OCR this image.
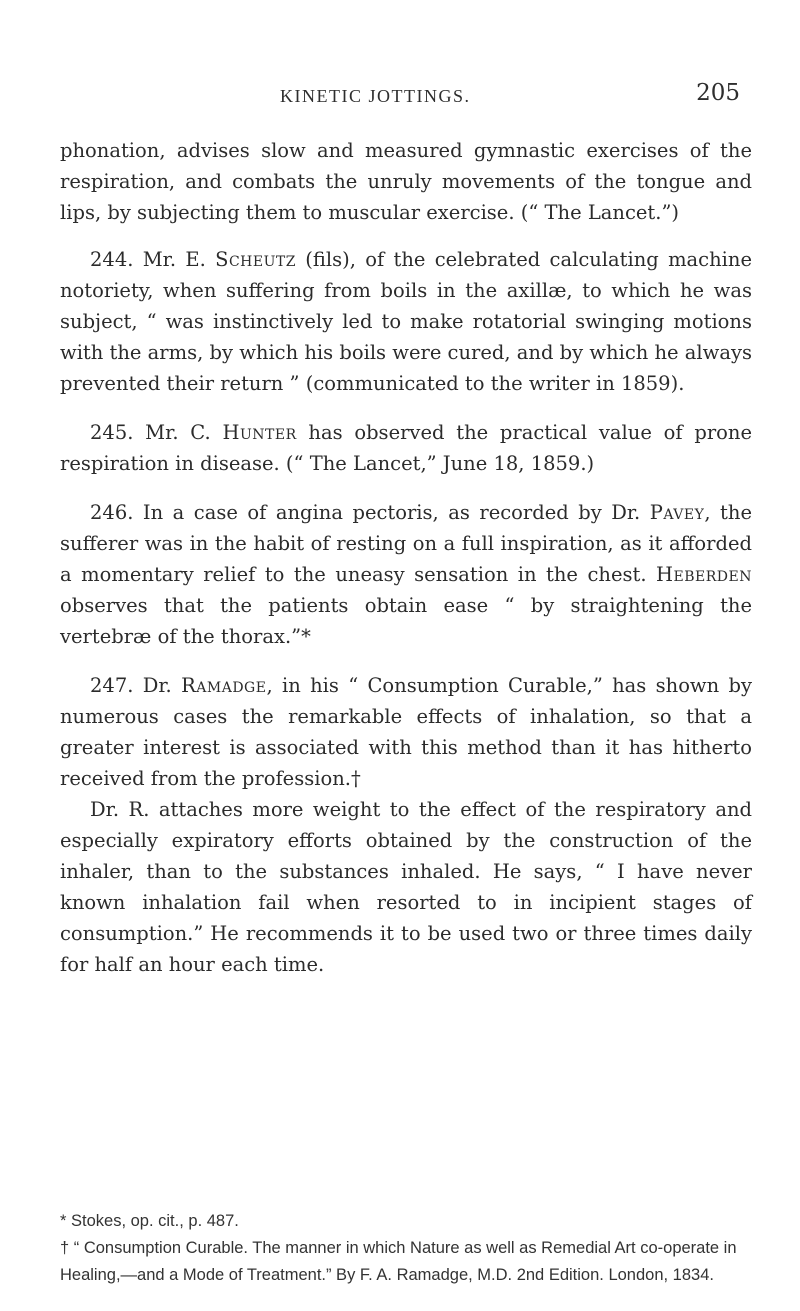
KINETIC JOTTINGS.	205

phonation, advises slow and measured gymnastic exercises of the respiration, and combats the unruly movements of the tongue and lips, by subjecting them to muscular exercise. (“ The Lancet.”)

244. Mr. E. Scheutz (fils), of the celebrated calculating machine notoriety, when suffering from boils in the axillæ, to which he was subject, “ was instinctively led to make rotatorial swinging motions with the arms, by which his boils were cured, and by which he always prevented their return ” (communicated to the writer in 1859).

245. Mr. C. Hunter has observed the practical value of prone respiration in disease. (“ The Lancet,” June 18, 1859.)

246. In a case of angina pectoris, as recorded by Dr. Pavey, the sufferer was in the habit of resting on a full inspiration, as it afforded a momentary relief to the uneasy sensation in the chest. Heberden observes that the patients obtain ease “ by straightening the vertebræ of the thorax.”*

247. Dr. Ramadge, in his “ Consumption Curable,” has shown by numerous cases the remarkable effects of inhalation, so that a greater interest is associated with this method than it has hitherto received from the profession.†

Dr. R. attaches more weight to the effect of the respiratory and especially expiratory efforts obtained by the construction of the inhaler, than to the substances inhaled. He says, “ I have never known inhalation fail when resorted to in incipient stages of consumption.” He recommends it to be used two or three times daily for half an hour each time.

* Stokes, op. cit., p. 487.

† “ Consumption Curable. The manner in which Nature as well as Remedial Art co-operate in Healing,—and a Mode of Treatment.” By F. A. Ramadge, M.D. 2nd Edition. London, 1834.
